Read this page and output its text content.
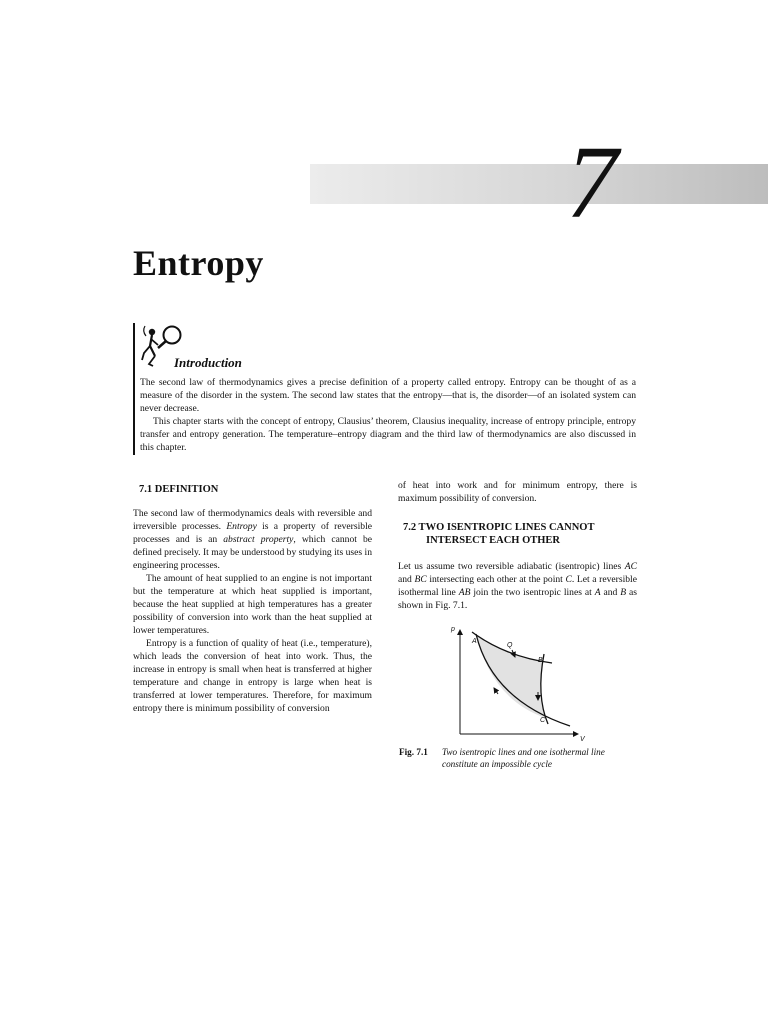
7
Entropy
Introduction

The second law of thermodynamics gives a precise definition of a property called entropy. Entropy can be thought of as a measure of the disorder in the system. The second law states that the entropy—that is, the disorder—of an isolated system can never decrease.

This chapter starts with the concept of entropy, Clausius’ theorem, Clausius inequality, increase of entropy principle, entropy transfer and entropy generation. The temperature–entropy diagram and the third law of thermodynamics are also discussed in this chapter.

7.1 DEFINITION

The second law of thermodynamics deals with reversible and irreversible processes. Entropy is a property of reversible processes and is an abstract property, which cannot be defined precisely. It may be understood by studying its uses in engineering processes.

The amount of heat supplied to an engine is not important but the temperature at which heat supplied is important, because the heat supplied at high temperatures has a greater possibility of conversion into work than the heat supplied at lower temperatures.

Entropy is a function of quality of heat (i.e., temperature), which leads the conversion of heat into work. Thus, the increase in entropy is small when heat is transferred at higher temperature and change in entropy is large when heat is transferred at lower temperatures. Therefore, for maximum entropy there is minimum possibility of conversion

of heat into work and for minimum entropy, there is maximum possibility of conversion.

7.2 TWO ISENTROPIC LINES CANNOT
INTERSECT EACH OTHER

Let us assume two reversible adiabatic (isentropic) lines AC and BC intersecting each other at the point C. Let a reversible isothermal line AB join the two isentropic lines at A and B as shown in Fig. 7.1.

p
V
A
Q
B
C
Fig. 7.1 Two isentropic lines and one isothermal line constitute an impossible cycle
